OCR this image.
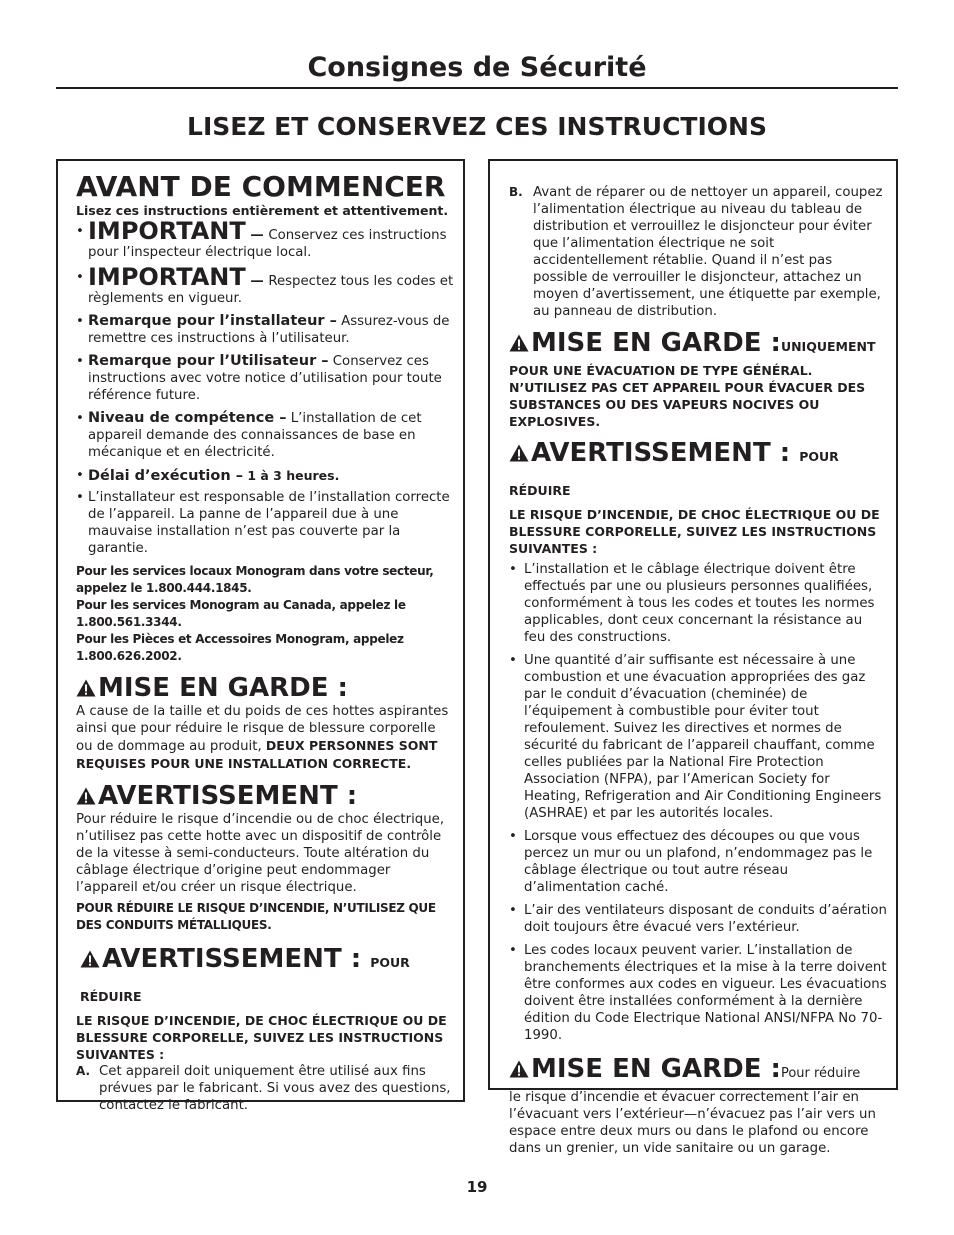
Consignes de Sécurité
LISEZ ET CONSERVEZ CES INSTRUCTIONS
AVANT DE COMMENCER
Lisez ces instructions entièrement et attentivement.
• IMPORTANT — Conservez ces instructions pour l’inspecteur électrique local.
• IMPORTANT — Respectez tous les codes et règlements en vigueur.
• Remarque pour l’installateur – Assurez-vous de remettre ces instructions à l’utilisateur.
• Remarque pour l’Utilisateur – Conservez ces instructions avec votre notice d’utilisation pour toute référence future.
• Niveau de compétence – L’installation de cet appareil demande des connaissances de base en mécanique et en électricité.
• Délai d’exécution – 1 à 3 heures.
• L’installateur est responsable de l’installation correcte de l’appareil. La panne de l’appareil due à une mauvaise installation n’est pas couverte par la garantie.
Pour les services locaux Monogram dans votre secteur, appelez le 1.800.444.1845.
Pour les services Monogram au Canada, appelez le 1.800.561.3344.
Pour les Pièces et Accessoires Monogram, appelez 1.800.626.2002.
MISE EN GARDE :
A cause de la taille et du poids de ces hottes aspirantes ainsi que pour réduire le risque de blessure corporelle ou de dommage au produit, DEUX PERSONNES SONT REQUISES POUR UNE INSTALLATION CORRECTE.
AVERTISSEMENT :
Pour réduire le risque d’incendie ou de choc électrique, n’utilisez pas cette hotte avec un dispositif de contrôle de la vitesse à semi-conducteurs. Toute altération du câblage électrique d’origine peut endommager l’appareil et/ou créer un risque électrique.
POUR RÉDUIRE LE RISQUE D’INCENDIE, N’UTILISEZ QUE DES CONDUITS MÉTALLIQUES.
AVERTISSEMENT : POUR RÉDUIRE
LE RISQUE D’INCENDIE, DE CHOC ÉLECTRIQUE OU DE BLESSURE CORPORELLE, SUIVEZ LES INSTRUCTIONS SUIVANTES :
A. Cet appareil doit uniquement être utilisé aux fins prévues par le fabricant. Si vous avez des questions, contactez le fabricant.
B. Avant de réparer ou de nettoyer un appareil, coupez l’alimentation électrique au niveau du tableau de distribution et verrouillez le disjoncteur pour éviter que l’alimentation électrique ne soit accidentellement rétablie. Quand il n’est pas possible de verrouiller le disjoncteur, attachez un moyen d’avertissement, une étiquette par exemple, au panneau de distribution.
MISE EN GARDE :UNIQUEMENT
POUR UNE ÉVACUATION DE TYPE GÉNÉRAL. N’UTILISEZ PAS CET APPAREIL POUR ÉVACUER DES SUBSTANCES OU DES VAPEURS NOCIVES OU EXPLOSIVES.
AVERTISSEMENT : POUR RÉDUIRE
LE RISQUE D’INCENDIE, DE CHOC ÉLECTRIQUE OU DE BLESSURE CORPORELLE, SUIVEZ LES INSTRUCTIONS SUIVANTES :
• L’installation et le câblage électrique doivent être effectués par une ou plusieurs personnes qualifiées, conformément à tous les codes et toutes les normes applicables, dont ceux concernant la résistance au feu des constructions.
• Une quantité d’air suffisante est nécessaire à une combustion et une évacuation appropriées des gaz par le conduit d’évacuation (cheminée) de l’équipement à combustible pour éviter tout refoulement. Suivez les directives et normes de sécurité du fabricant de l’appareil chauffant, comme celles publiées par la National Fire Protection Association (NFPA), par l’American Society for Heating, Refrigeration and Air Conditioning Engineers (ASHRAE) et par les autorités locales.
• Lorsque vous effectuez des découpes ou que vous percez un mur ou un plafond, n’endommagez pas le câblage électrique ou tout autre réseau d’alimentation caché.
• L’air des ventilateurs disposant de conduits d’aération doit toujours être évacué vers l’extérieur.
• Les codes locaux peuvent varier. L’installation de branchements électriques et la mise à la terre doivent être conformes aux codes en vigueur. Les évacuations doivent être installées conformément à la dernière édition du Code Electrique National ANSI/NFPA No 70-1990.
MISE EN GARDE :Pour réduire
le risque d’incendie et évacuer correctement l’air en l’évacuant vers l’extérieur—n’évacuez pas l’air vers un espace entre deux murs ou dans le plafond ou encore dans un grenier, un vide sanitaire ou un garage.
19
